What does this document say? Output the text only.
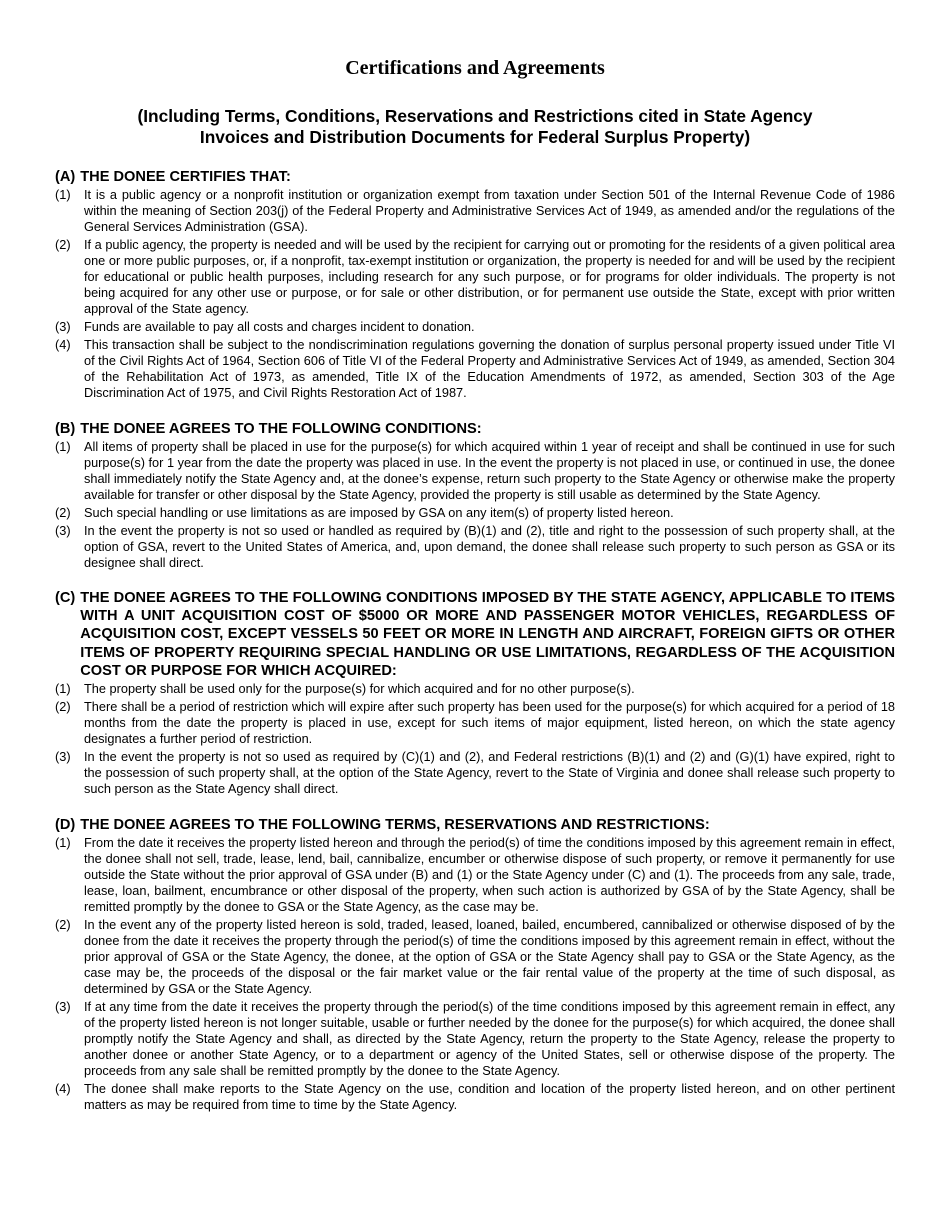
Certifications and Agreements
(Including Terms, Conditions, Reservations and Restrictions cited in State Agency
Invoices and Distribution Documents for Federal Surplus Property)
(A) THE DONEE CERTIFIES THAT:
(1)	It is a public agency or a nonprofit institution or organization exempt from taxation under Section 501 of the Internal Revenue Code of 1986 within the meaning of Section 203(j) of the Federal Property and Administrative Services Act of 1949, as amended and/or the regulations of the General Services Administration (GSA).
(2)	If a public agency, the property is needed and will be used by the recipient for carrying out or promoting for the residents of a given political area one or more public purposes, or, if a nonprofit, tax-exempt institution or organization, the property is needed for and will be used by the recipient for educational or public health purposes, including research for any such purpose, or for programs for older individuals. The property is not being acquired for any other use or purpose, or for sale or other distribution, or for permanent use outside the State, except with prior written approval of the State agency.
(3)	Funds are available to pay all costs and charges incident to donation.
(4)	This transaction shall be subject to the nondiscrimination regulations governing the donation of surplus personal property issued under Title VI of the Civil Rights Act of 1964, Section 606 of Title VI of the Federal Property and Administrative Services Act of 1949, as amended, Section 304 of the Rehabilitation Act of 1973, as amended, Title IX of the Education Amendments of 1972, as amended, Section 303 of the Age Discrimination Act of 1975, and Civil Rights Restoration Act of 1987.
(B) THE DONEE AGREES TO THE FOLLOWING CONDITIONS:
(1)	All items of property shall be placed in use for the purpose(s) for which acquired within 1 year of receipt and shall be continued in use for such purpose(s) for 1 year from the date the property was placed in use. In the event the property is not placed in use, or continued in use, the donee shall immediately notify the State Agency and, at the donee’s expense, return such property to the State Agency or otherwise make the property available for transfer or other disposal by the State Agency, provided the property is still usable as determined by the State Agency.
(2)	Such special handling or use limitations as are imposed by GSA on any item(s) of property listed hereon.
(3)	In the event the property is not so used or handled as required by (B)(1) and (2), title and right to the possession of such property shall, at the option of GSA, revert to the United States of America, and, upon demand, the donee shall release such property to such person as GSA or its designee shall direct.
(C) THE DONEE AGREES TO THE FOLLOWING CONDITIONS IMPOSED BY THE STATE AGENCY, APPLICABLE TO ITEMS WITH A UNIT ACQUISITION COST OF $5000 OR MORE AND PASSENGER MOTOR VEHICLES, REGARDLESS OF ACQUISITION COST, EXCEPT VESSELS 50 FEET OR MORE IN LENGTH AND AIRCRAFT, FOREIGN GIFTS OR OTHER ITEMS OF PROPERTY REQUIRING SPECIAL HANDLING OR USE LIMITATIONS, REGARDLESS OF THE ACQUISITION COST OR PURPOSE FOR WHICH ACQUIRED:
(1)	The property shall be used only for the purpose(s) for which acquired and for no other purpose(s).
(2)	There shall be a period of restriction which will expire after such property has been used for the purpose(s) for which acquired for a period of 18 months from the date the property is placed in use, except for such items of major equipment, listed hereon, on which the state agency designates a further period of restriction.
(3)	In the event the property is not so used as required by (C)(1) and (2), and Federal restrictions (B)(1) and (2) and (G)(1) have expired, right to the possession of such property shall, at the option of the State Agency, revert to the State of Virginia and donee shall release such property to such person as the State Agency shall direct.
(D) THE DONEE AGREES TO THE FOLLOWING TERMS, RESERVATIONS AND RESTRICTIONS:
(1)	From the date it receives the property listed hereon and through the period(s) of time the conditions imposed by this agreement remain in effect, the donee shall not sell, trade, lease, lend, bail, cannibalize, encumber or otherwise dispose of such property, or remove it permanently for use outside the State without the prior approval of GSA under (B) and (1) or the State Agency under (C) and (1). The proceeds from any sale, trade, lease, loan, bailment, encumbrance or other disposal of the property, when such action is authorized by GSA of by the State Agency, shall be remitted promptly by the donee to GSA or the State Agency, as the case may be.
(2)	In the event any of the property listed hereon is sold, traded, leased, loaned, bailed, encumbered, cannibalized or otherwise disposed of by the donee from the date it receives the property through the period(s) of time the conditions imposed by this agreement remain in effect, without the prior approval of GSA or the State Agency, the donee, at the option of GSA or the State Agency shall pay to GSA or the State Agency, as the case may be, the proceeds of the disposal or the fair market value or the fair rental value of the property at the time of such disposal, as determined by GSA or the State Agency.
(3)	If at any time from the date it receives the property through the period(s) of the time conditions imposed by this agreement remain in effect, any of the property listed hereon is not longer suitable, usable or further needed by the donee for the purpose(s) for which acquired, the donee shall promptly notify the State Agency and shall, as directed by the State Agency, return the property to the State Agency, release the property to another donee or another State Agency, or to a department or agency of the United States, sell or otherwise dispose of the property. The proceeds from any sale shall be remitted promptly by the donee to the State Agency.
(4)	The donee shall make reports to the State Agency on the use, condition and location of the property listed hereon, and on other pertinent matters as may be required from time to time by the State Agency.
